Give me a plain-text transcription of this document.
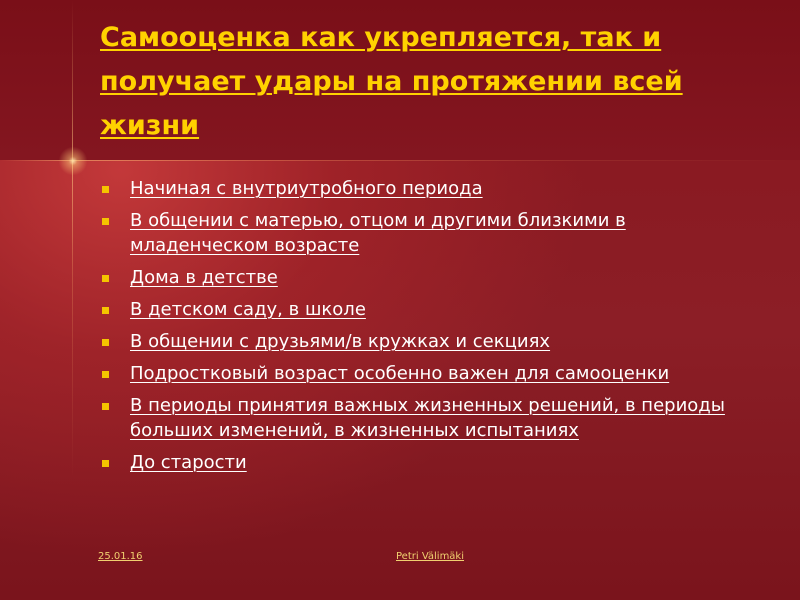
Самооценка как укрепляется, так и получает удары на протяжении всей жизни
Начиная с внутриутробного периода
В общении с матерью, отцом и другими близкими в младенческом возрасте
Дома в детстве
В детском саду, в школе
В общении с друзьями/в кружках и секциях
Подростковый возраст особенно важен для самооценки
В периоды принятия важных жизненных решений, в периоды больших изменений, в жизненных испытаниях
До старости
25.01.16	Petri Välimäki
